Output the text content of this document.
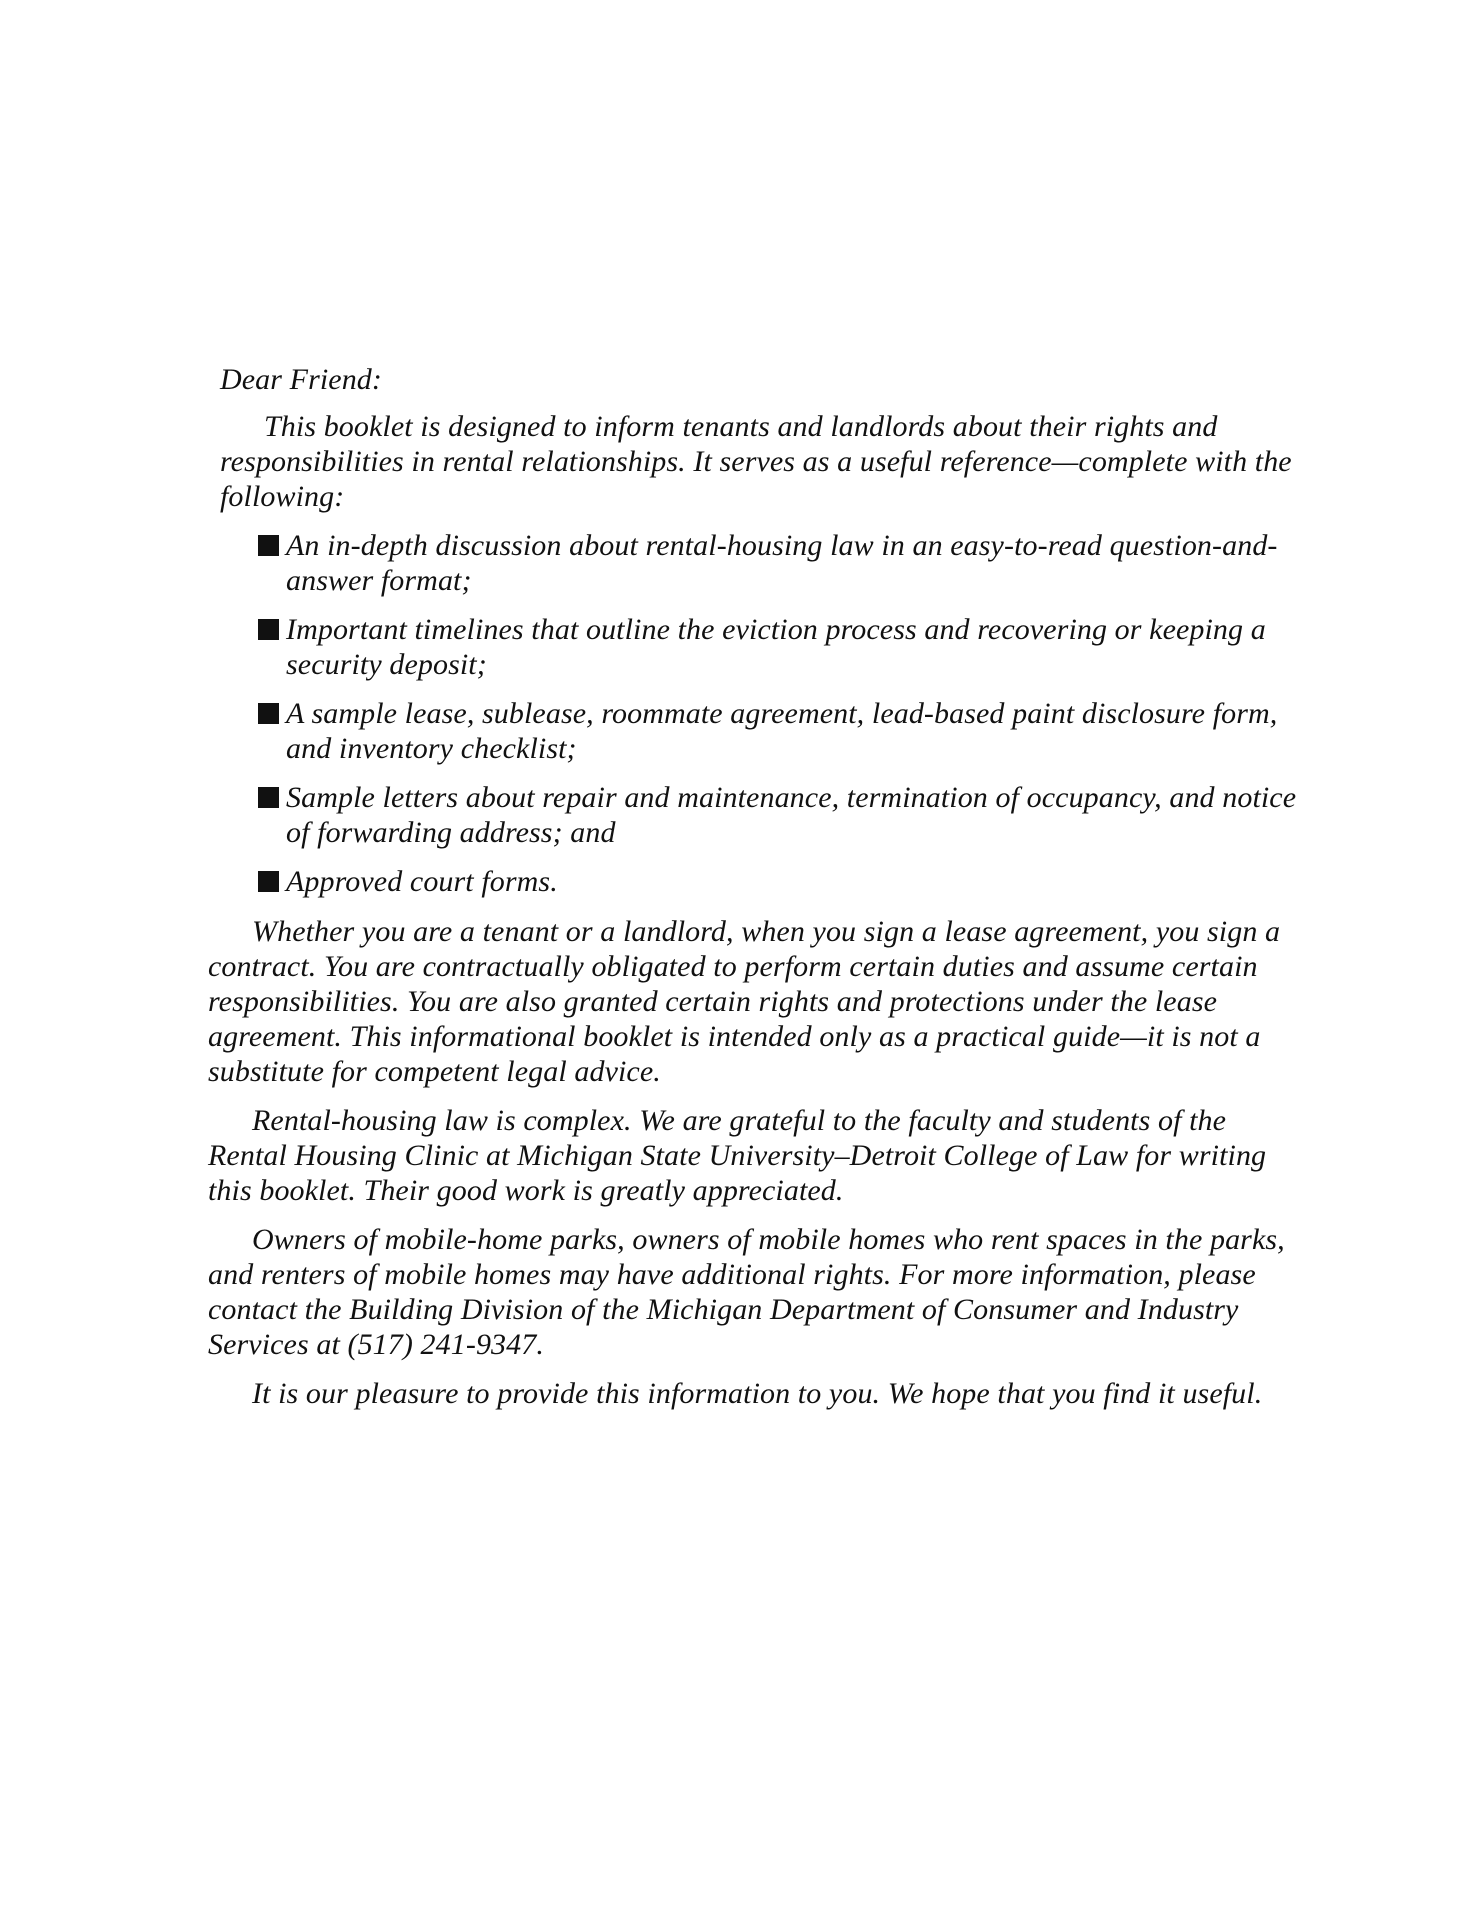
Dear Friend:

This booklet is designed to inform tenants and landlords about their rights and responsibilities in rental relationships. It serves as a useful reference—complete with the following:

An in-depth discussion about rental-housing law in an easy-to-read question-and-answer format;
Important timelines that outline the eviction process and recovering or keeping a security deposit;
A sample lease, sublease, roommate agreement, lead-based paint disclosure form, and inventory checklist;
Sample letters about repair and maintenance, termination of occupancy, and notice of forwarding address; and
Approved court forms.

Whether you are a tenant or a landlord, when you sign a lease agreement, you sign a contract. You are contractually obligated to perform certain duties and assume certain responsibilities. You are also granted certain rights and protections under the lease agreement. This informational booklet is intended only as a practical guide—it is not a substitute for competent legal advice.

Rental-housing law is complex. We are grateful to the faculty and students of the Rental Housing Clinic at Michigan State University–Detroit College of Law for writing this booklet. Their good work is greatly appreciated.

Owners of mobile-home parks, owners of mobile homes who rent spaces in the parks, and renters of mobile homes may have additional rights. For more information, please contact the Building Division of the Michigan Department of Consumer and Industry Services at (517) 241-9347.

It is our pleasure to provide this information to you. We hope that you find it useful.
